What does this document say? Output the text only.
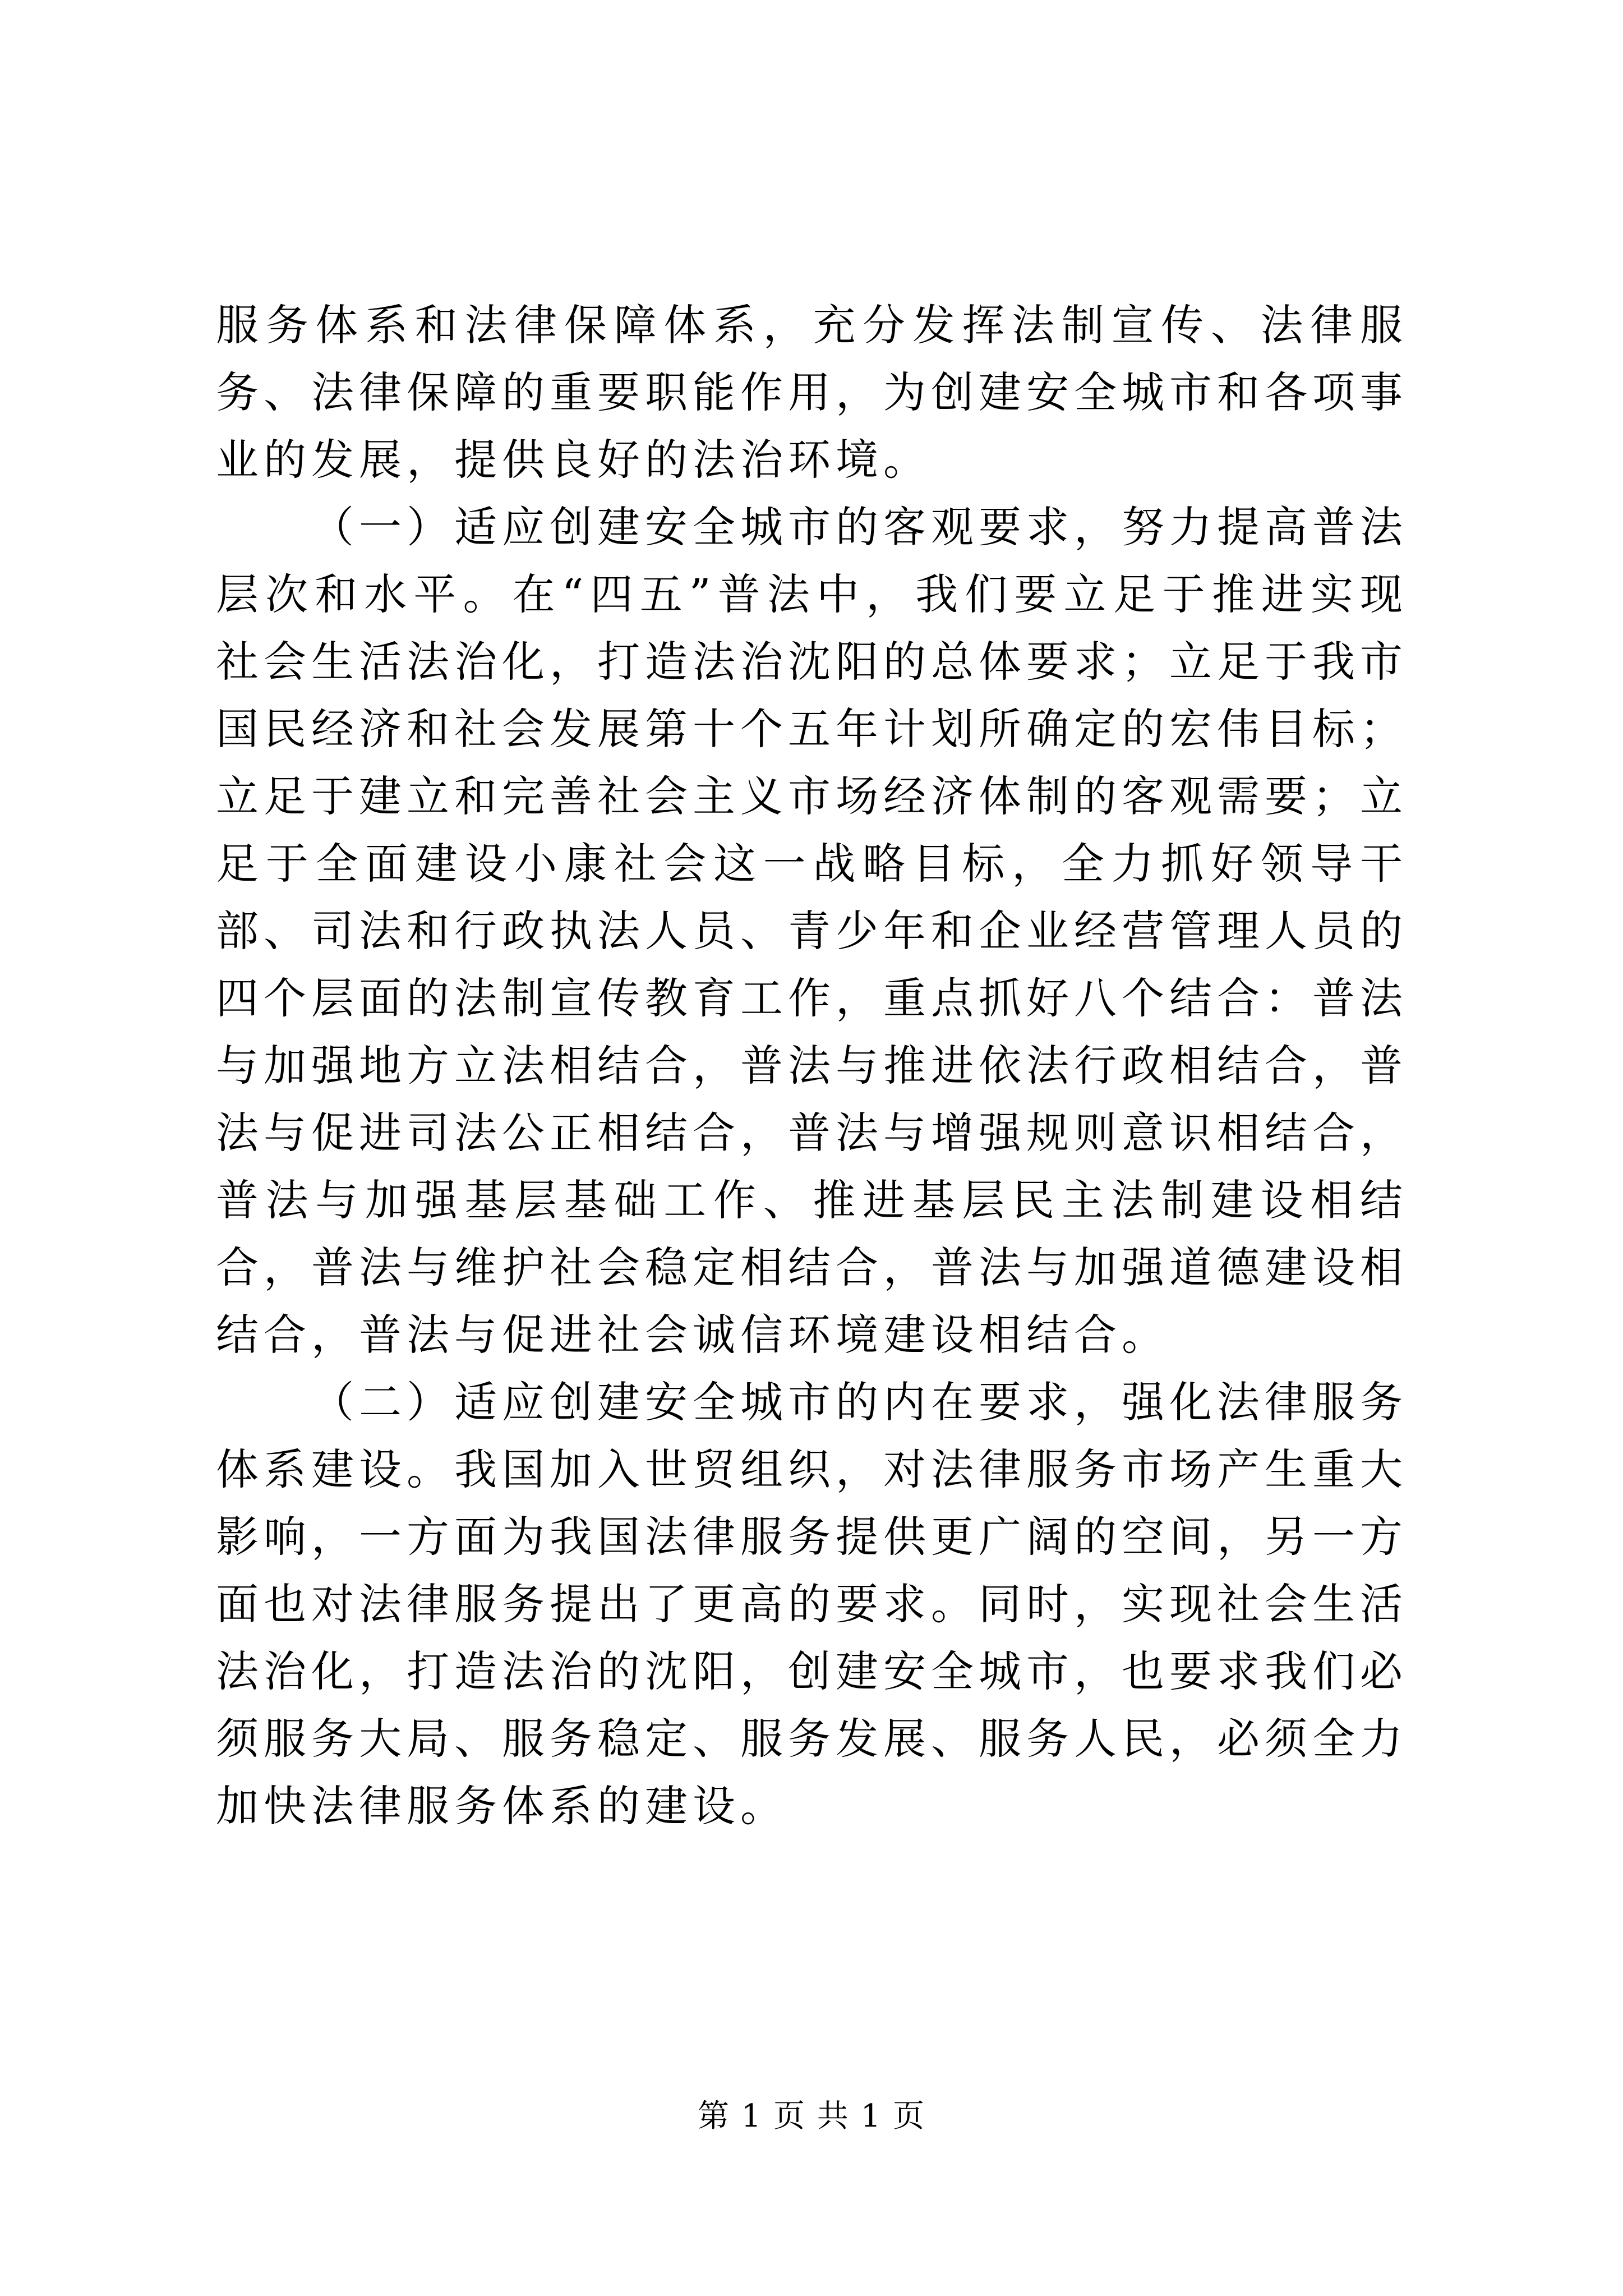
服务体系和法律保障体系，充分发挥法制宣传、法律服务、法律保障的重要职能作用，为创建安全城市和各项事业的发展，提供良好的法治环境。

（一）适应创建安全城市的客观要求，努力提高普法层次和水平。在“四五”普法中，我们要立足于推进实现社会生活法治化，打造法治沈阳的总体要求；立足于我市国民经济和社会发展第十个五年计划所确定的宏伟目标；立足于建立和完善社会主义市场经济体制的客观需要；立足于全面建设小康社会这一战略目标，全力抓好领导干部、司法和行政执法人员、青少年和企业经营管理人员的四个层面的法制宣传教育工作，重点抓好八个结合：普法与加强地方立法相结合，普法与推进依法行政相结合，普法与促进司法公正相结合，普法与增强规则意识相结合，普法与加强基层基础工作、推进基层民主法制建设相结合，普法与维护社会稳定相结合，普法与加强道德建设相结合，普法与促进社会诚信环境建设相结合。

（二）适应创建安全城市的内在要求，强化法律服务体系建设。我国加入世贸组织，对法律服务市场产生重大影响，一方面为我国法律服务提供更广阔的空间，另一方面也对法律服务提出了更高的要求。同时，实现社会生活法治化，打造法治的沈阳，创建安全城市，也要求我们必须服务大局、服务稳定、服务发展、服务人民，必须全力加快法律服务体系的建设。

第 1 页 共 1 页
